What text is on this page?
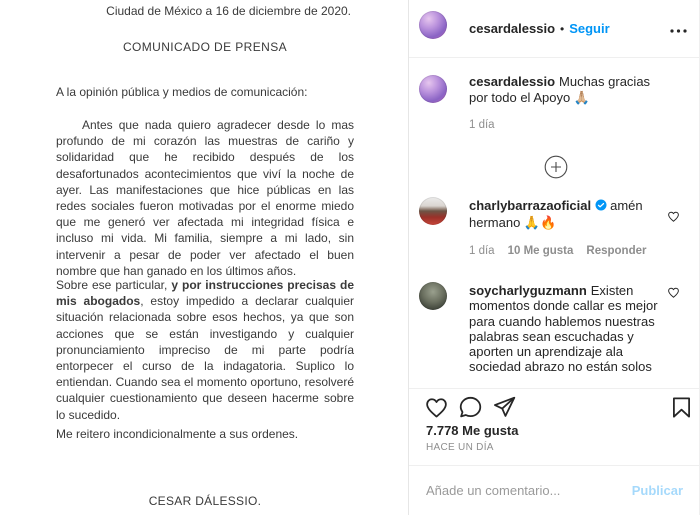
Ciudad de México a 16 de diciembre de 2020.
COMUNICADO DE PRENSA
A la opinión pública y medios de comunicación:

Antes que nada quiero agradecer desde lo mas profundo de mi corazón las muestras de cariño y solidaridad que he recibido después de los desafortunados acontecimientos que viví la noche de ayer. Las manifestaciones que hice públicas en las redes sociales fueron motivadas por el enorme miedo que me generó ver afectada mi integridad física e incluso mi vida. Mi familia, siempre a mi lado, sin intervenir a pesar de poder ver afectado el buen nombre que han ganado en los últimos años.

Sobre ese particular, y por instrucciones precisas de mis abogados, estoy impedido a declarar cualquier situación relacionada sobre esos hechos, ya que son acciones que se están investigando y cualquier pronunciamiento impreciso de mi parte podría entorpecer el curso de la indagatoria. Suplico lo entiendan. Cuando sea el momento oportuno, resolveré cualquier cuestionamiento que deseen hacerme sobre lo sucedido.

Me reitero incondicionalmente a sus ordenes.
CESAR DÁLESSIO.
cesardalessio • Seguir
cesardalessio Muchas gracias por todo el Apoyo 🙏🏼
1 día
charlybarrazaoficial amén hermano 🙏🔥
1 día 10 Me gusta Responder
soycharlyguzmann Existen momentos donde callar es mejor para cuando hablemos nuestras palabras sean escuchadas y aporten un aprendizaje ala sociedad abrazo no están solos
7.778 Me gusta
HACE UN DÍA
Añade un comentario...
Publicar
